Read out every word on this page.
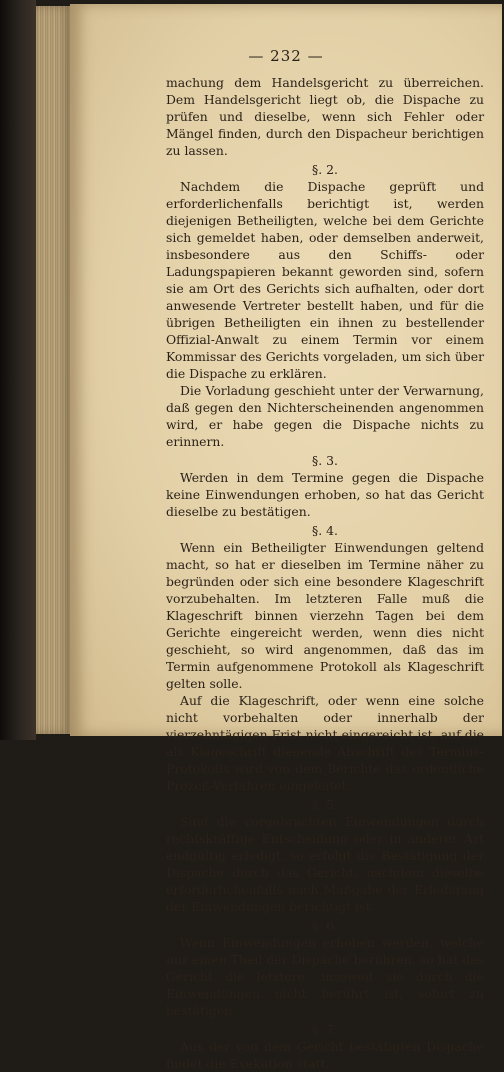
— 232 —

machung dem Handelsgericht zu überreichen. Dem Handelsgericht liegt ob, die Dispache zu prüfen und dieselbe, wenn sich Fehler oder Mängel finden, durch den Dispacheur berichtigen zu lassen.

§. 2.

Nachdem die Dispache geprüft und erforderlichenfalls berichtigt ist, werden diejenigen Betheiligten, welche bei dem Gerichte sich gemeldet haben, oder demselben anderweit, insbesondere aus den Schiffs- oder Ladungspapieren bekannt geworden sind, sofern sie am Ort des Gerichts sich aufhalten, oder dort anwesende Vertreter bestellt haben, und für die übrigen Betheiligten ein ihnen zu bestellender Offizial-Anwalt zu einem Termin vor einem Kommissar des Gerichts vorgeladen, um sich über die Dispache zu erklären.

Die Vorladung geschieht unter der Verwarnung, daß gegen den Nichterscheinenden angenommen wird, er habe gegen die Dispache nichts zu erinnern.

§. 3.

Werden in dem Termine gegen die Dispache keine Einwendungen erhoben, so hat das Gericht dieselbe zu bestätigen.

§. 4.

Wenn ein Betheiligter Einwendungen geltend macht, so hat er dieselben im Termine näher zu begründen oder sich eine besondere Klageschrift vorzubehalten. Im letzteren Falle muß die Klageschrift binnen vierzehn Tagen bei dem Gerichte eingereicht werden, wenn dies nicht geschieht, so wird angenommen, daß das im Termin aufgenommene Protokoll als Klageschrift gelten solle.

Auf die Klageschrift, oder wenn eine solche nicht vorbehalten oder innerhalb der vierzehntägigen Frist nicht eingereicht ist, auf die als Klageschrift dienende Abschrift des Termins-Protokolls wird von dem Berichte das ordentliche Prozeß-Verfahren eingeleitet.

§. 5.

Sind die vorgebrachten Einwendungen durch rechtskräftige Entscheidung oder in anderer Art endgültig erledigt, so erfolgt die Bestätigung der Dispache durch das Gericht, nachdem dieselbe erforderlichenfalls nach Maßgabe der Erledigung der Einwendungen berichtigt ist.

§. 6.

Wenn Einwendungen erhoben werden, welche nur einen Theil der Dispache berühren, so hat das Gericht die letztere, insoweit sie durch die Einwendungen nicht berührt ist, sofort zu bestätigen.

§. 7.

Aus der von dem Gericht bestätigten Dispache findet die Exekution statt.
